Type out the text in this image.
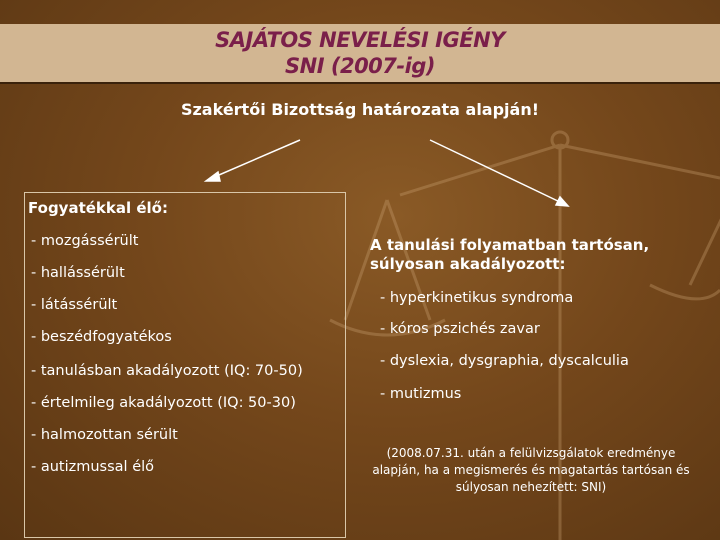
SAJÁTOS NEVELÉSI IGÉNY
SNI (2007-ig)
Szakértői Bizottság határozata alapján!
Fogyatékkal élő:
- mozgássérült
- hallássérült
- látássérült
- beszédfogyatékos
- tanulásban akadályozott (IQ: 70-50)
- értelmileg akadályozott (IQ: 50-30)
- halmozottan sérült
- autizmussal élő
A tanulási folyamatban tartósan, súlyosan akadályozott:
- hyperkinetikus syndroma
- kóros pszichés zavar
- dyslexia, dysgraphia, dyscalculia
- mutizmus
(2008.07.31. után a felülvizsgálatok eredménye alapján, ha a megismerés és magatartás tartósan és súlyosan nehezített: SNI)
